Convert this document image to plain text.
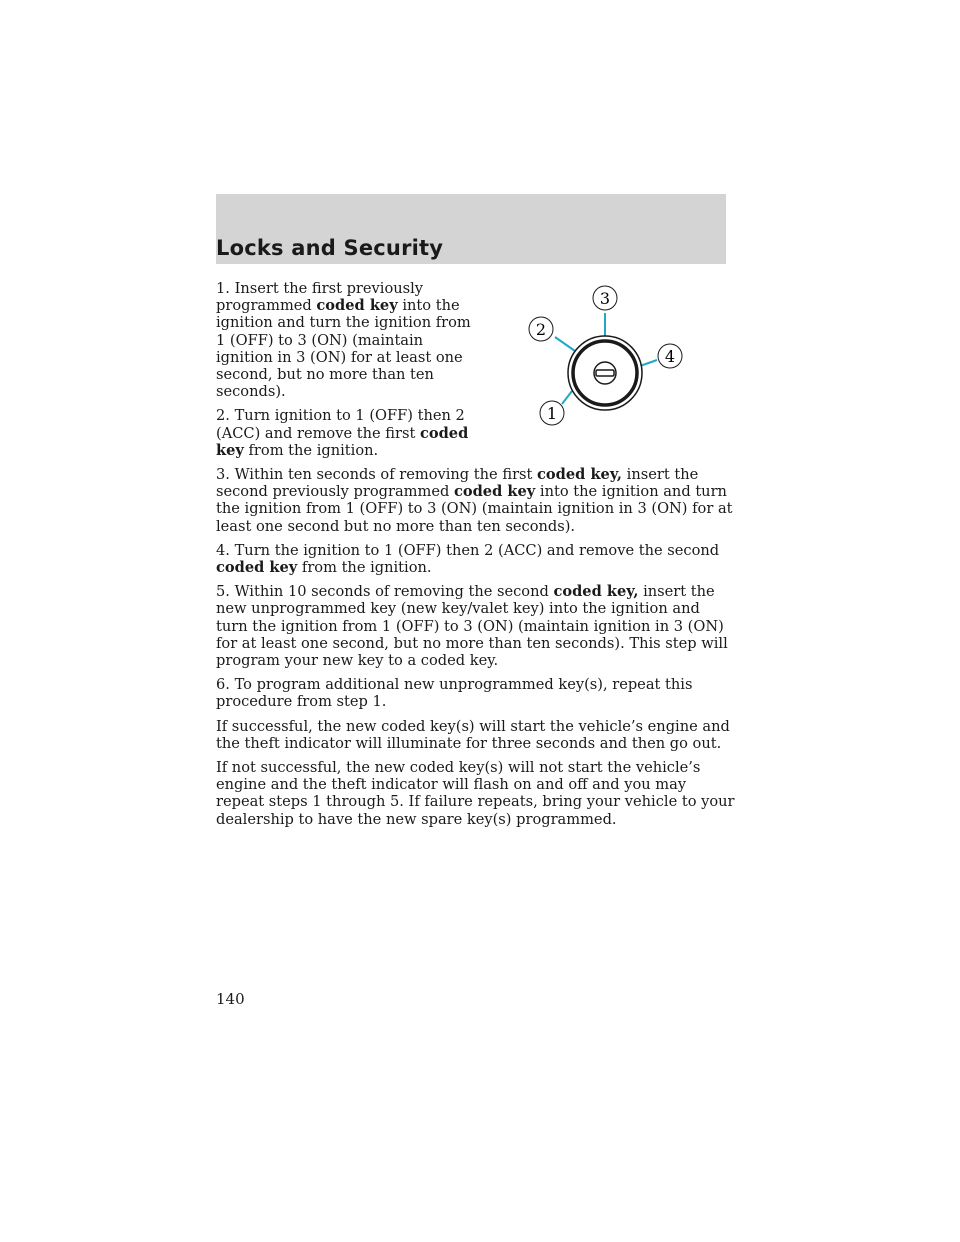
Locks and Security
3
2
4
1

1. Insert the first previously programmed coded key into the ignition and turn the ignition from 1 (OFF) to 3 (ON) (maintain ignition in 3 (ON) for at least one second, but no more than ten seconds).

2. Turn ignition to 1 (OFF) then 2 (ACC) and remove the first coded key from the ignition.

3. Within ten seconds of removing the first coded key, insert the second previously programmed coded key into the ignition and turn the ignition from 1 (OFF) to 3 (ON) (maintain ignition in 3 (ON) for at least one second but no more than ten seconds).

4. Turn the ignition to 1 (OFF) then 2 (ACC) and remove the second coded key from the ignition.

5. Within 10 seconds of removing the second coded key, insert the new unprogrammed key (new key/valet key) into the ignition and turn the ignition from 1 (OFF) to 3 (ON) (maintain ignition in 3 (ON) for at least one second, but no more than ten seconds). This step will program your new key to a coded key.

6. To program additional new unprogrammed key(s), repeat this procedure from step 1.

If successful, the new coded key(s) will start the vehicle’s engine and the theft indicator will illuminate for three seconds and then go out.

If not successful, the new coded key(s) will not start the vehicle’s engine and the theft indicator will flash on and off and you may repeat steps 1 through 5. If failure repeats, bring your vehicle to your dealership to have the new spare key(s) programmed.

140
